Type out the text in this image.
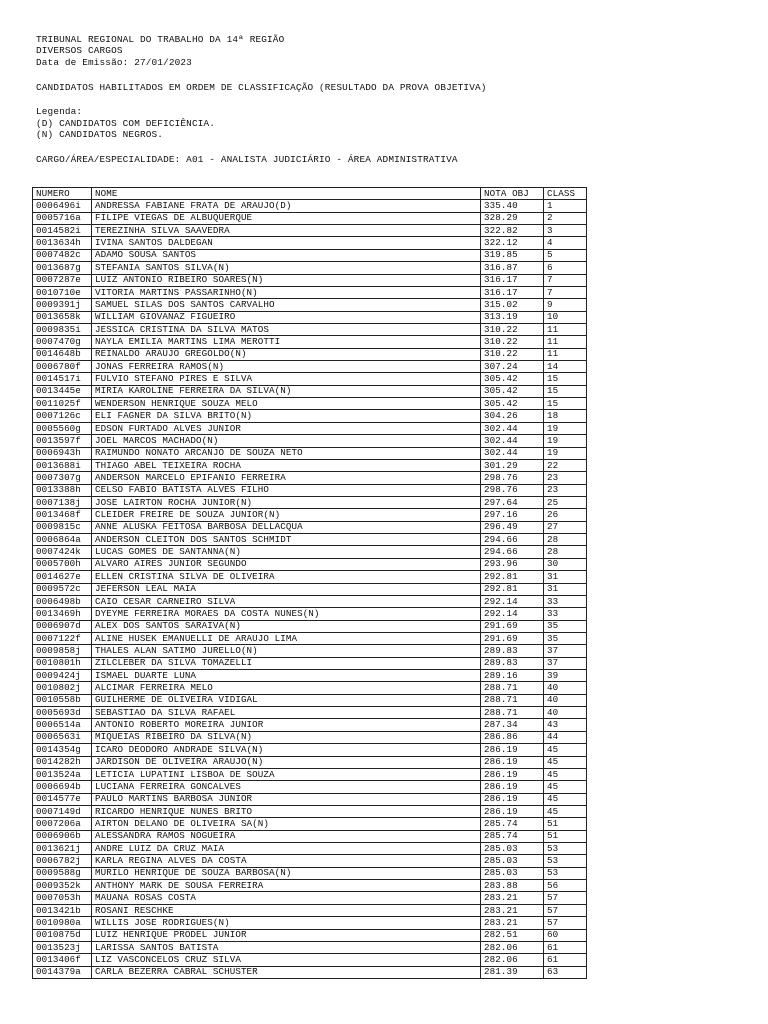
TRIBUNAL REGIONAL DO TRABALHO DA 14ª REGIÃO
DIVERSOS CARGOS
Data de Emissão: 27/01/2023
CANDIDATOS HABILITADOS EM ORDEM DE CLASSIFICAÇÃO (RESULTADO DA PROVA OBJETIVA)
Legenda:
(D) CANDIDATOS COM DEFICIÊNCIA.
(N) CANDIDATOS NEGROS.
CARGO/ÁREA/ESPECIALIDADE: A01 - ANALISTA JUDICIÁRIO - ÁREA ADMINISTRATIVA
NUMERO	NOME	NOTA OBJ	CLASS
0006496i	ANDRESSA FABIANE FRATA DE ARAUJO(D)	335.40	1
0005716a	FILIPE VIEGAS DE ALBUQUERQUE	328.29	2
0014582i	TEREZINHA SILVA SAAVEDRA	322.82	3
0013634h	IVINA SANTOS DALDEGAN	322.12	4
0007482c	ADAMO SOUSA SANTOS	319.85	5
0013687g	STEFANIA SANTOS SILVA(N)	316.87	6
0007287e	LUIZ ANTONIO RIBEIRO SOARES(N)	316.17	7
0010710e	VITORIA MARTINS PASSARINHO(N)	316.17	7
0009391j	SAMUEL SILAS DOS SANTOS CARVALHO	315.02	9
0013658k	WILLIAM GIOVANAZ FIGUEIRO	313.19	10
0009835i	JESSICA CRISTINA DA SILVA MATOS	310.22	11
0007470g	NAYLA EMILIA MARTINS LIMA MEROTTI	310.22	11
0014648b	REINALDO ARAUJO GREGOLDO(N)	310.22	11
0006780f	JONAS FERREIRA RAMOS(N)	307.24	14
0014517i	FULVIO STEFANO PIRES E SILVA	305.42	15
0013445e	MIRIA KAROLINE FERREIRA DA SILVA(N)	305.42	15
0011025f	WENDERSON HENRIQUE SOUZA MELO	305.42	15
0007126c	ELI FAGNER DA SILVA BRITO(N)	304.26	18
0005560g	EDSON FURTADO ALVES JUNIOR	302.44	19
0013597f	JOEL MARCOS MACHADO(N)	302.44	19
0006943h	RAIMUNDO NONATO ARCANJO DE SOUZA NETO	302.44	19
0013688i	THIAGO ABEL TEIXEIRA ROCHA	301.29	22
0007307g	ANDERSON MARCELO EPIFANIO FERREIRA	298.76	23
0013388h	CELSO FABIO BATISTA ALVES FILHO	298.76	23
0007138j	JOSE LAIRTON ROCHA JUNIOR(N)	297.64	25
0013468f	CLEIDER FREIRE DE SOUZA JUNIOR(N)	297.16	26
0009815c	ANNE ALUSKA FEITOSA BARBOSA DELLACQUA	296.49	27
0006864a	ANDERSON CLEITON DOS SANTOS SCHMIDT	294.66	28
0007424k	LUCAS GOMES DE SANTANNA(N)	294.66	28
0005700h	ALVARO AIRES JUNIOR SEGUNDO	293.96	30
0014627e	ELLEN CRISTINA SILVA DE OLIVEIRA	292.81	31
0009572c	JEFERSON LEAL MAIA	292.81	31
0006498b	CAIO CESAR CARNEIRO SILVA	292.14	33
0013469h	DYEYME FERREIRA MORAES DA COSTA NUNES(N)	292.14	33
0006907d	ALEX DOS SANTOS SARAIVA(N)	291.69	35
0007122f	ALINE HUSEK EMANUELLI DE ARAUJO LIMA	291.69	35
0009858j	THALES ALAN SATIMO JURELLO(N)	289.83	37
0010801h	ZILCLEBER DA SILVA TOMAZELLI	289.83	37
0009424j	ISMAEL DUARTE LUNA	289.16	39
0010802j	ALCIMAR FERREIRA MELO	288.71	40
0010558b	GUILHERME DE OLIVEIRA VIDIGAL	288.71	40
0005693d	SEBASTIAO DA SILVA RAFAEL	288.71	40
0006514a	ANTONIO ROBERTO MOREIRA JUNIOR	287.34	43
0006563i	MIQUEIAS RIBEIRO DA SILVA(N)	286.86	44
0014354g	ICARO DEODORO ANDRADE SILVA(N)	286.19	45
0014282h	JARDISON DE OLIVEIRA ARAUJO(N)	286.19	45
0013524a	LETICIA LUPATINI LISBOA DE SOUZA	286.19	45
0006694b	LUCIANA FERREIRA GONCALVES	286.19	45
0014577e	PAULO MARTINS BARBOSA JUNIOR	286.19	45
0007149d	RICARDO HENRIQUE NUNES BRITO	286.19	45
0007206a	AIRTON DELANO DE OLIVEIRA SA(N)	285.74	51
0006906b	ALESSANDRA RAMOS NOGUEIRA	285.74	51
0013621j	ANDRE LUIZ DA CRUZ MAIA	285.03	53
0006782j	KARLA REGINA ALVES DA COSTA	285.03	53
0009588g	MURILO HENRIQUE DE SOUZA BARBOSA(N)	285.03	53
0009352k	ANTHONY MARK DE SOUSA FERREIRA	283.88	56
0007053h	MAUANA ROSAS COSTA	283.21	57
0013421b	ROSANI RESCHKE	283.21	57
0010980a	WILLIS JOSE RODRIGUES(N)	283.21	57
0010875d	LUIZ HENRIQUE PRODEL JUNIOR	282.51	60
0013523j	LARISSA SANTOS BATISTA	282.06	61
0013406f	LIZ VASCONCELOS CRUZ SILVA	282.06	61
0014379a	CARLA BEZERRA CABRAL SCHUSTER	281.39	63
